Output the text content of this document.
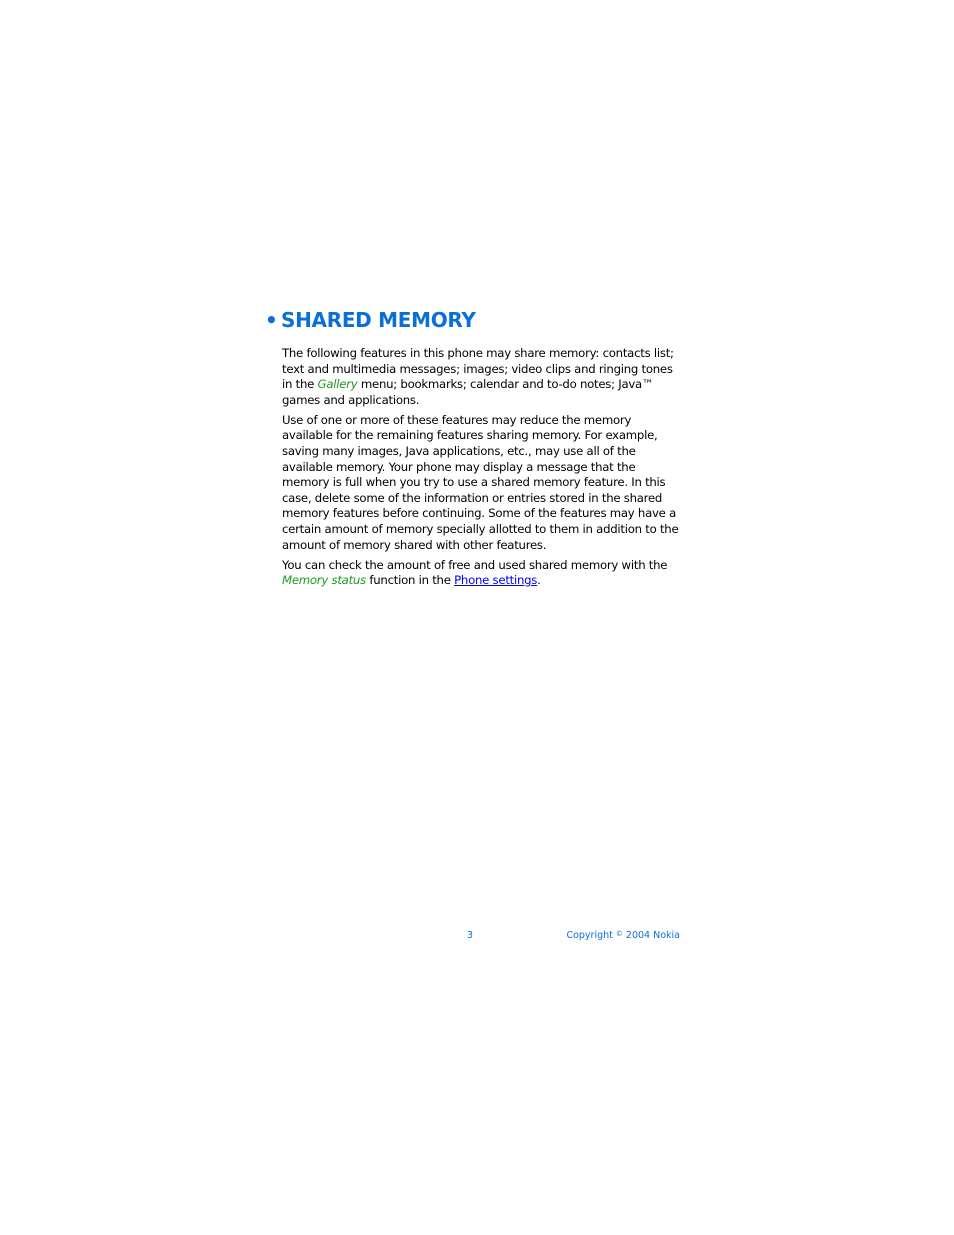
• SHARED MEMORY

The following features in this phone may share memory: contacts list; text and multimedia messages; images; video clips and ringing tones in the Gallery menu; bookmarks; calendar and to-do notes; Java™ games and applications.

Use of one or more of these features may reduce the memory available for the remaining features sharing memory. For example, saving many images, Java applications, etc., may use all of the available memory. Your phone may display a message that the memory is full when you try to use a shared memory feature. In this case, delete some of the information or entries stored in the shared memory features before continuing. Some of the features may have a certain amount of memory specially allotted to them in addition to the amount of memory shared with other features.

You can check the amount of free and used shared memory with the Memory status function in the Phone settings.

3	Copyright © 2004 Nokia
